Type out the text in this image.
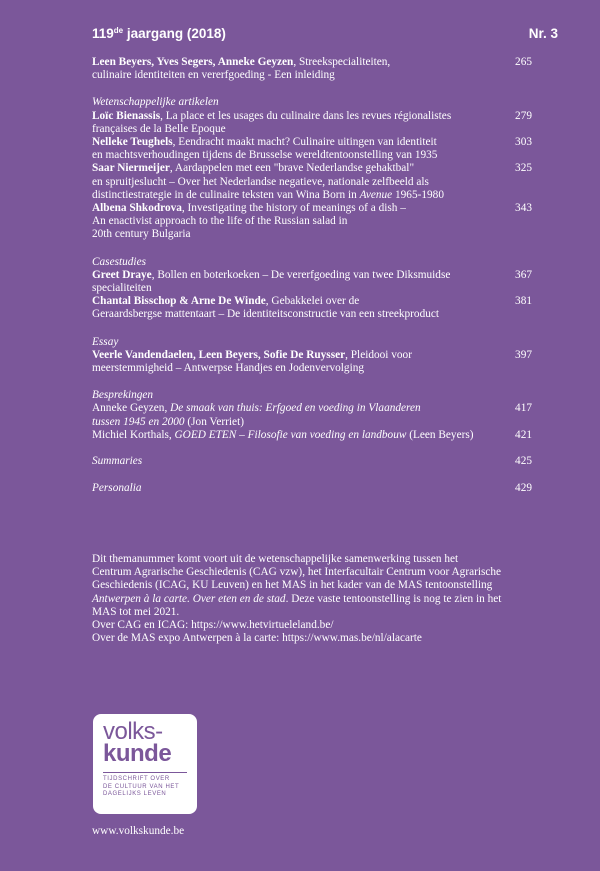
119de jaargang (2018)	Nr. 3
Leen Beyers, Yves Segers, Anneke Geyzen, Streekspecialiteiten,
culinaire identiteiten en vererfgoeding - Een inleiding
265
Wetenschappelijke artikelen
Loïc Bienassis, La place et les usages du culinaire dans les revues régionalistes
françaises de la Belle Epoque
279
Nelleke Teughels, Eendracht maakt macht? Culinaire uitingen van identiteit
en machtsverhoudingen tijdens de Brusselse wereldtentoonstelling van 1935
303
Saar Niermeijer, Aardappelen met een "brave Nederlandse gehaktbal"
en spruitjeslucht – Over het Nederlandse negatieve, nationale zelfbeeld als
distinctiestrategie in de culinaire teksten van Wina Born in Avenue 1965-1980
325
Albena Shkodrova, Investigating the history of meanings of a dish –
An enactivist approach to the life of the Russian salad in
20th century Bulgaria
343
Casestudies
Greet Draye, Bollen en boterkoeken – De vererfgoeding van twee Diksmuidse
specialiteiten
367
Chantal Bisschop & Arne De Winde, Gebakkelei over de
Geraardsbergse mattentaart – De identiteitsconstructie van een streekproduct
381
Essay
Veerle Vandendaelen, Leen Beyers, Sofie De Ruysser, Pleidooi voor
meerstemmigheid – Antwerpse Handjes en Jodenvervolging
397
Besprekingen
Anneke Geyzen, De smaak van thuis: Erfgoed en voeding in Vlaanderen
tussen 1945 en 2000 (Jon Verriet)
417
Michiel Korthals, GOED ETEN – Filosofie van voeding en landbouw (Leen Beyers)	421
Summaries	425
Personalia	429
Dit themanummer komt voort uit de wetenschappelijke samenwerking tussen het
Centrum Agrarische Geschiedenis (CAG vzw), het Interfacultair Centrum voor Agrarische
Geschiedenis (ICAG, KU Leuven) en het MAS in het kader van de MAS tentoonstelling
Antwerpen à la carte. Over eten en de stad. Deze vaste tentoonstelling is nog te zien in het
MAS tot mei 2021.
Over CAG en ICAG: https://www.hetvirtueleland.be/
Over de MAS expo Antwerpen à la carte: https://www.mas.be/nl/alacarte
volks-
kunde
TIJDSCHRIFT OVER
DE CULTUUR VAN HET
DAGELIJKS LEVEN
www.volkskunde.be
